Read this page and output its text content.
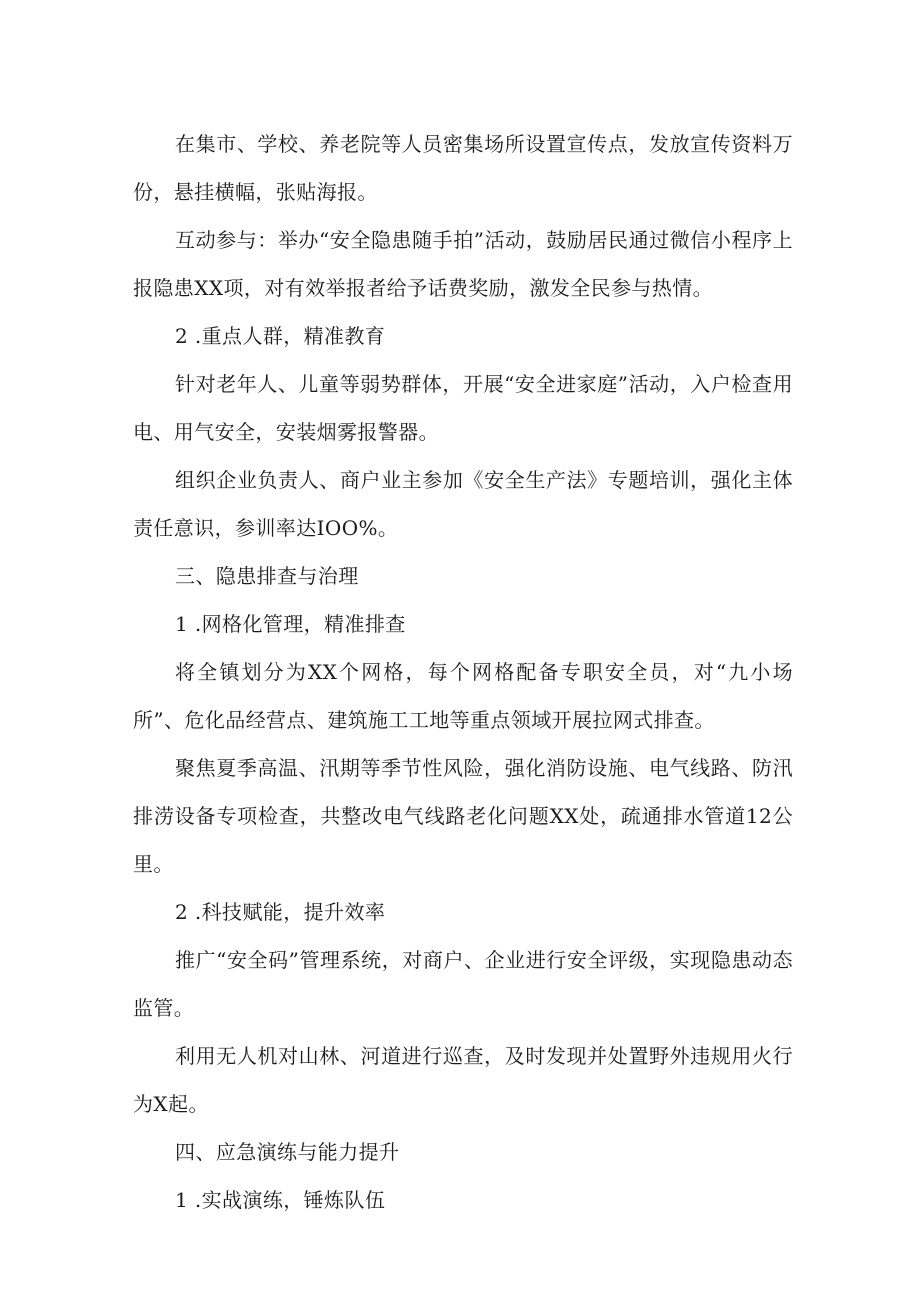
在集市、学校、养老院等人员密集场所设置宣传点，发放宣传资料万份，悬挂横幅，张贴海报。

互动参与：举办“安全隐患随手拍”活动，鼓励居民通过微信小程序上报隐患XX项，对有效举报者给予话费奖励，激发全民参与热情。

2 .重点人群，精准教育

针对老年人、儿童等弱势群体，开展“安全进家庭”活动，入户检查用电、用气安全，安装烟雾报警器。

组织企业负责人、商户业主参加《安全生产法》专题培训，强化主体责任意识，参训率达IOO%。

三、隐患排查与治理

1 .网格化管理，精准排查

将全镇划分为XX个网格，每个网格配备专职安全员，对“九小场所”、危化品经营点、建筑施工工地等重点领域开展拉网式排查。

聚焦夏季高温、汛期等季节性风险，强化消防设施、电气线路、防汛排涝设备专项检查，共整改电气线路老化问题XX处，疏通排水管道12公里。

2 .科技赋能，提升效率

推广“安全码”管理系统，对商户、企业进行安全评级，实现隐患动态监管。

利用无人机对山林、河道进行巡查，及时发现并处置野外违规用火行为X起。

四、应急演练与能力提升

1 .实战演练，锤炼队伍
